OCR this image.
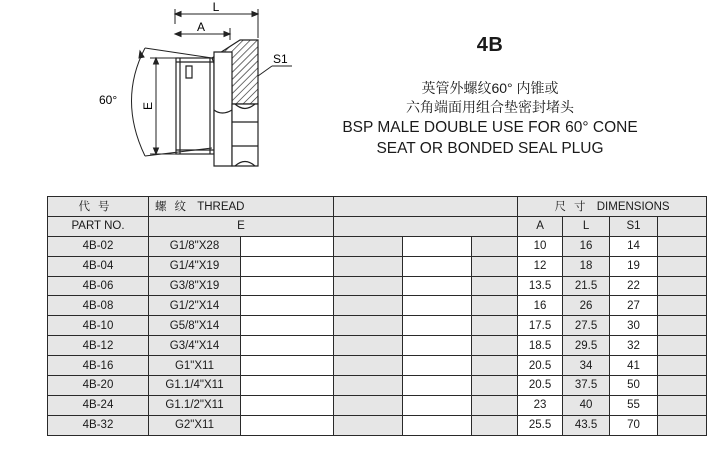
L
A
E
60°
S1
4B
英管外螺纹60° 内锥或
六角端面用组合垫密封堵头
BSP MALE DOUBLE USE FOR 60° CONE
SEAT OR BONDED SEAL PLUG
代号	螺纹 THREAD					尺寸 DIMENSIONS			
PART NO.	E					A	L	S1	
4B-02	G1/8"X28					10	16	14	
4B-04	G1/4"X19					12	18	19	
4B-06	G3/8"X19					13.5	21.5	22	
4B-08	G1/2"X14					16	26	27	
4B-10	G5/8"X14					17.5	27.5	30	
4B-12	G3/4"X14					18.5	29.5	32	
4B-16	G1"X11					20.5	34	41	
4B-20	G1.1/4"X11					20.5	37.5	50	
4B-24	G1.1/2"X11					23	40	55	
4B-32	G2"X11					25.5	43.5	70	
